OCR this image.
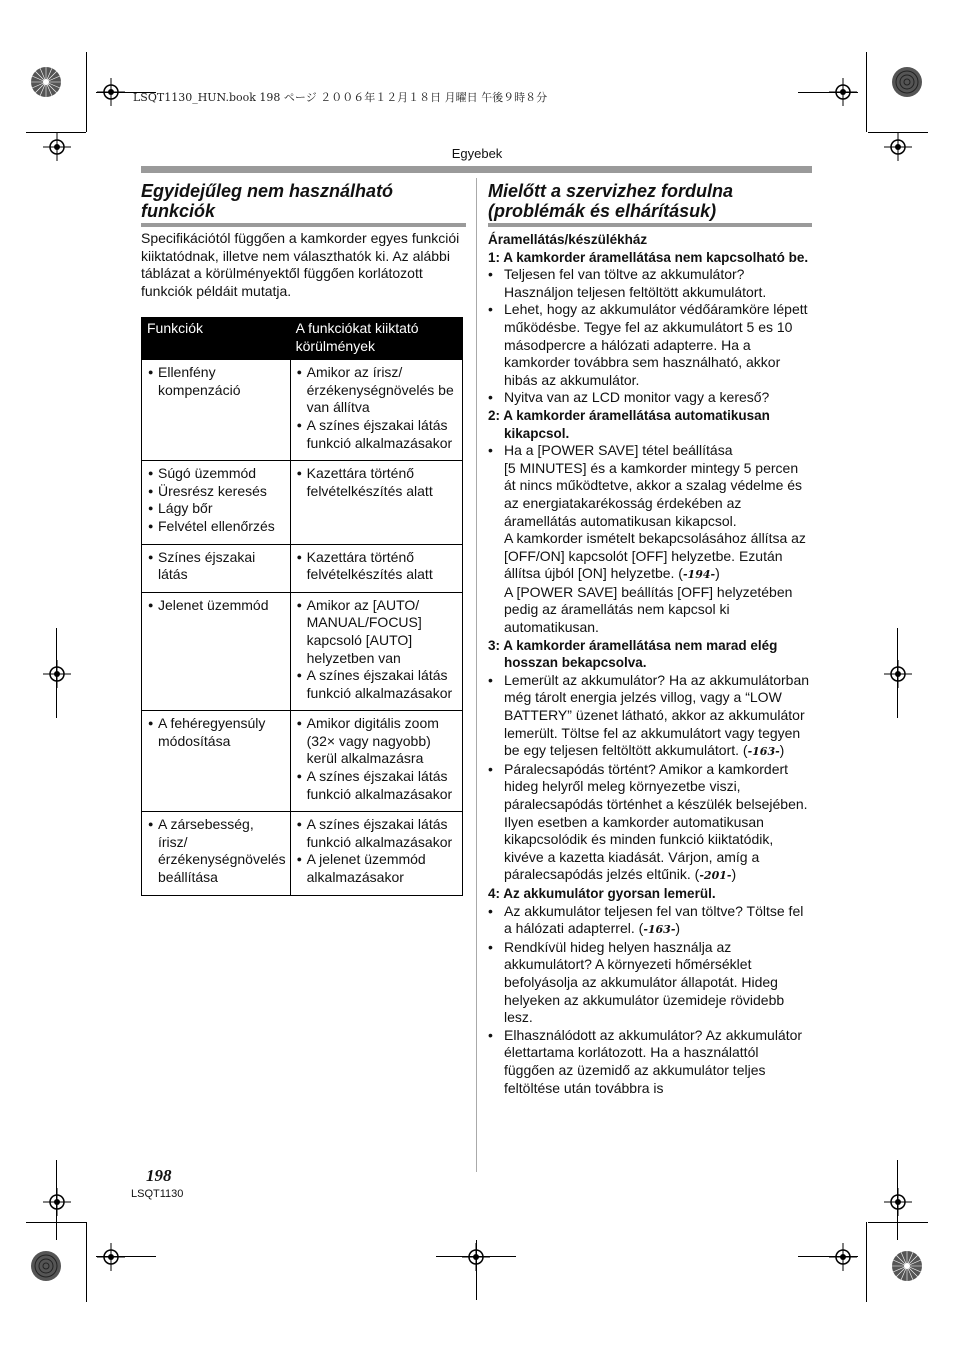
LSQT1130_HUN.book 198 ページ ２００６年１２月１８日 月曜日 午後９時８分
Egyebek
Egyidejűleg nem használható
funkciók
Specifikációtól függően a kamkorder egyes funkciói kiiktatódnak, illetve nem választhatók ki. Az alábbi táblázat a körülményektől függően korlátozott funkciók példáit mutatja.
Funkciók	A funkciókat kiiktató körülmények

● Ellenfény kompenzáció	● Amikor az írisz/ érzékenységnövelés be van állítva
● A színes éjszakai látás funkció alkalmazásakor

● Súgó üzemmód
● Üresrész keresés
● Lágy bőr
● Felvétel ellenőrzés	● Kazettára történő felvételkészítés alatt

● Színes éjszakai látás	● Kazettára történő felvételkészítés alatt

● Jelenet üzemmód	● Amikor az [AUTO/ MANUAL/FOCUS] kapcsoló [AUTO] helyzetben van
● A színes éjszakai látás funkció alkalmazásakor

● A fehéregyensúly módosítása	● Amikor digitális zoom (32× vagy nagyobb) kerül alkalmazásra
● A színes éjszakai látás funkció alkalmazásakor

● A zársebesség, írisz/ érzékenységnövelés beállítása	● A színes éjszakai látás funkció alkalmazásakor
● A jelenet üzemmód alkalmazásakor
Mielőtt a szervizhez fordulna
(problémák és elhárításuk)
Áramellátás/készülékház
1: A kamkorder áramellátása nem kapcsolható be.
• Teljesen fel van töltve az akkumulátor? Használjon teljesen feltöltött akkumulátort.
• Lehet, hogy az akkumulátor védőáramköre lépett működésbe. Tegye fel az akkumulátort 5 es 10 másodpercre a hálózati adapterre. Ha a kamkorder továbbra sem használható, akkor hibás az akkumulátor.
• Nyitva van az LCD monitor vagy a kereső?
2: A kamkorder áramellátása automatikusan kikapcsol.
• Ha a [POWER SAVE] tétel beállítása
[5 MINUTES] és a kamkorder mintegy 5 percen át nincs működtetve, akkor a szalag védelme és az energiatakarékosság érdekében az áramellátás automatikusan kikapcsol.
A kamkorder ismételt bekapcsolásához állítsa az [OFF/ON] kapcsolót [OFF] helyzetbe. Ezután állítsa újból [ON] helyzetbe. (-194-)
A [POWER SAVE] beállítás [OFF] helyzetében pedig az áramellátás nem kapcsol ki automatikusan.
3: A kamkorder áramellátása nem marad elég hosszan bekapcsolva.
• Lemerült az akkumulátor? Ha az akkumulátorban még tárolt energia jelzés villog, vagy a “LOW BATTERY” üzenet látható, akkor az akkumulátor lemerült. Töltse fel az akkumulátort vagy tegyen be egy teljesen feltöltött akkumulátort. (-163-)
• Páralecsapódás történt? Amikor a kamkordert hideg helyről meleg környezetbe viszi, páralecsapódás történhet a készülék belsejében. Ilyen esetben a kamkorder automatikusan kikapcsolódik és minden funkció kiiktatódik, kivéve a kazetta kiadását. Várjon, amíg a páralecsapódás jelzés eltűnik. (-201-)
4: Az akkumulátor gyorsan lemerül.
• Az akkumulátor teljesen fel van töltve? Töltse fel a hálózati adapterrel. (-163-)
• Rendkívül hideg helyen használja az akkumulátort? A környezeti hőmérséklet befolyásolja az akkumulátor állapotát. Hideg helyeken az akkumulátor üzemideje rövidebb lesz.
• Elhasználódott az akkumulátor? Az akkumulátor élettartama korlátozott. Ha a használattól függően az üzemidő az akkumulátor teljes feltöltése után továbbra is
198
LSQT1130
